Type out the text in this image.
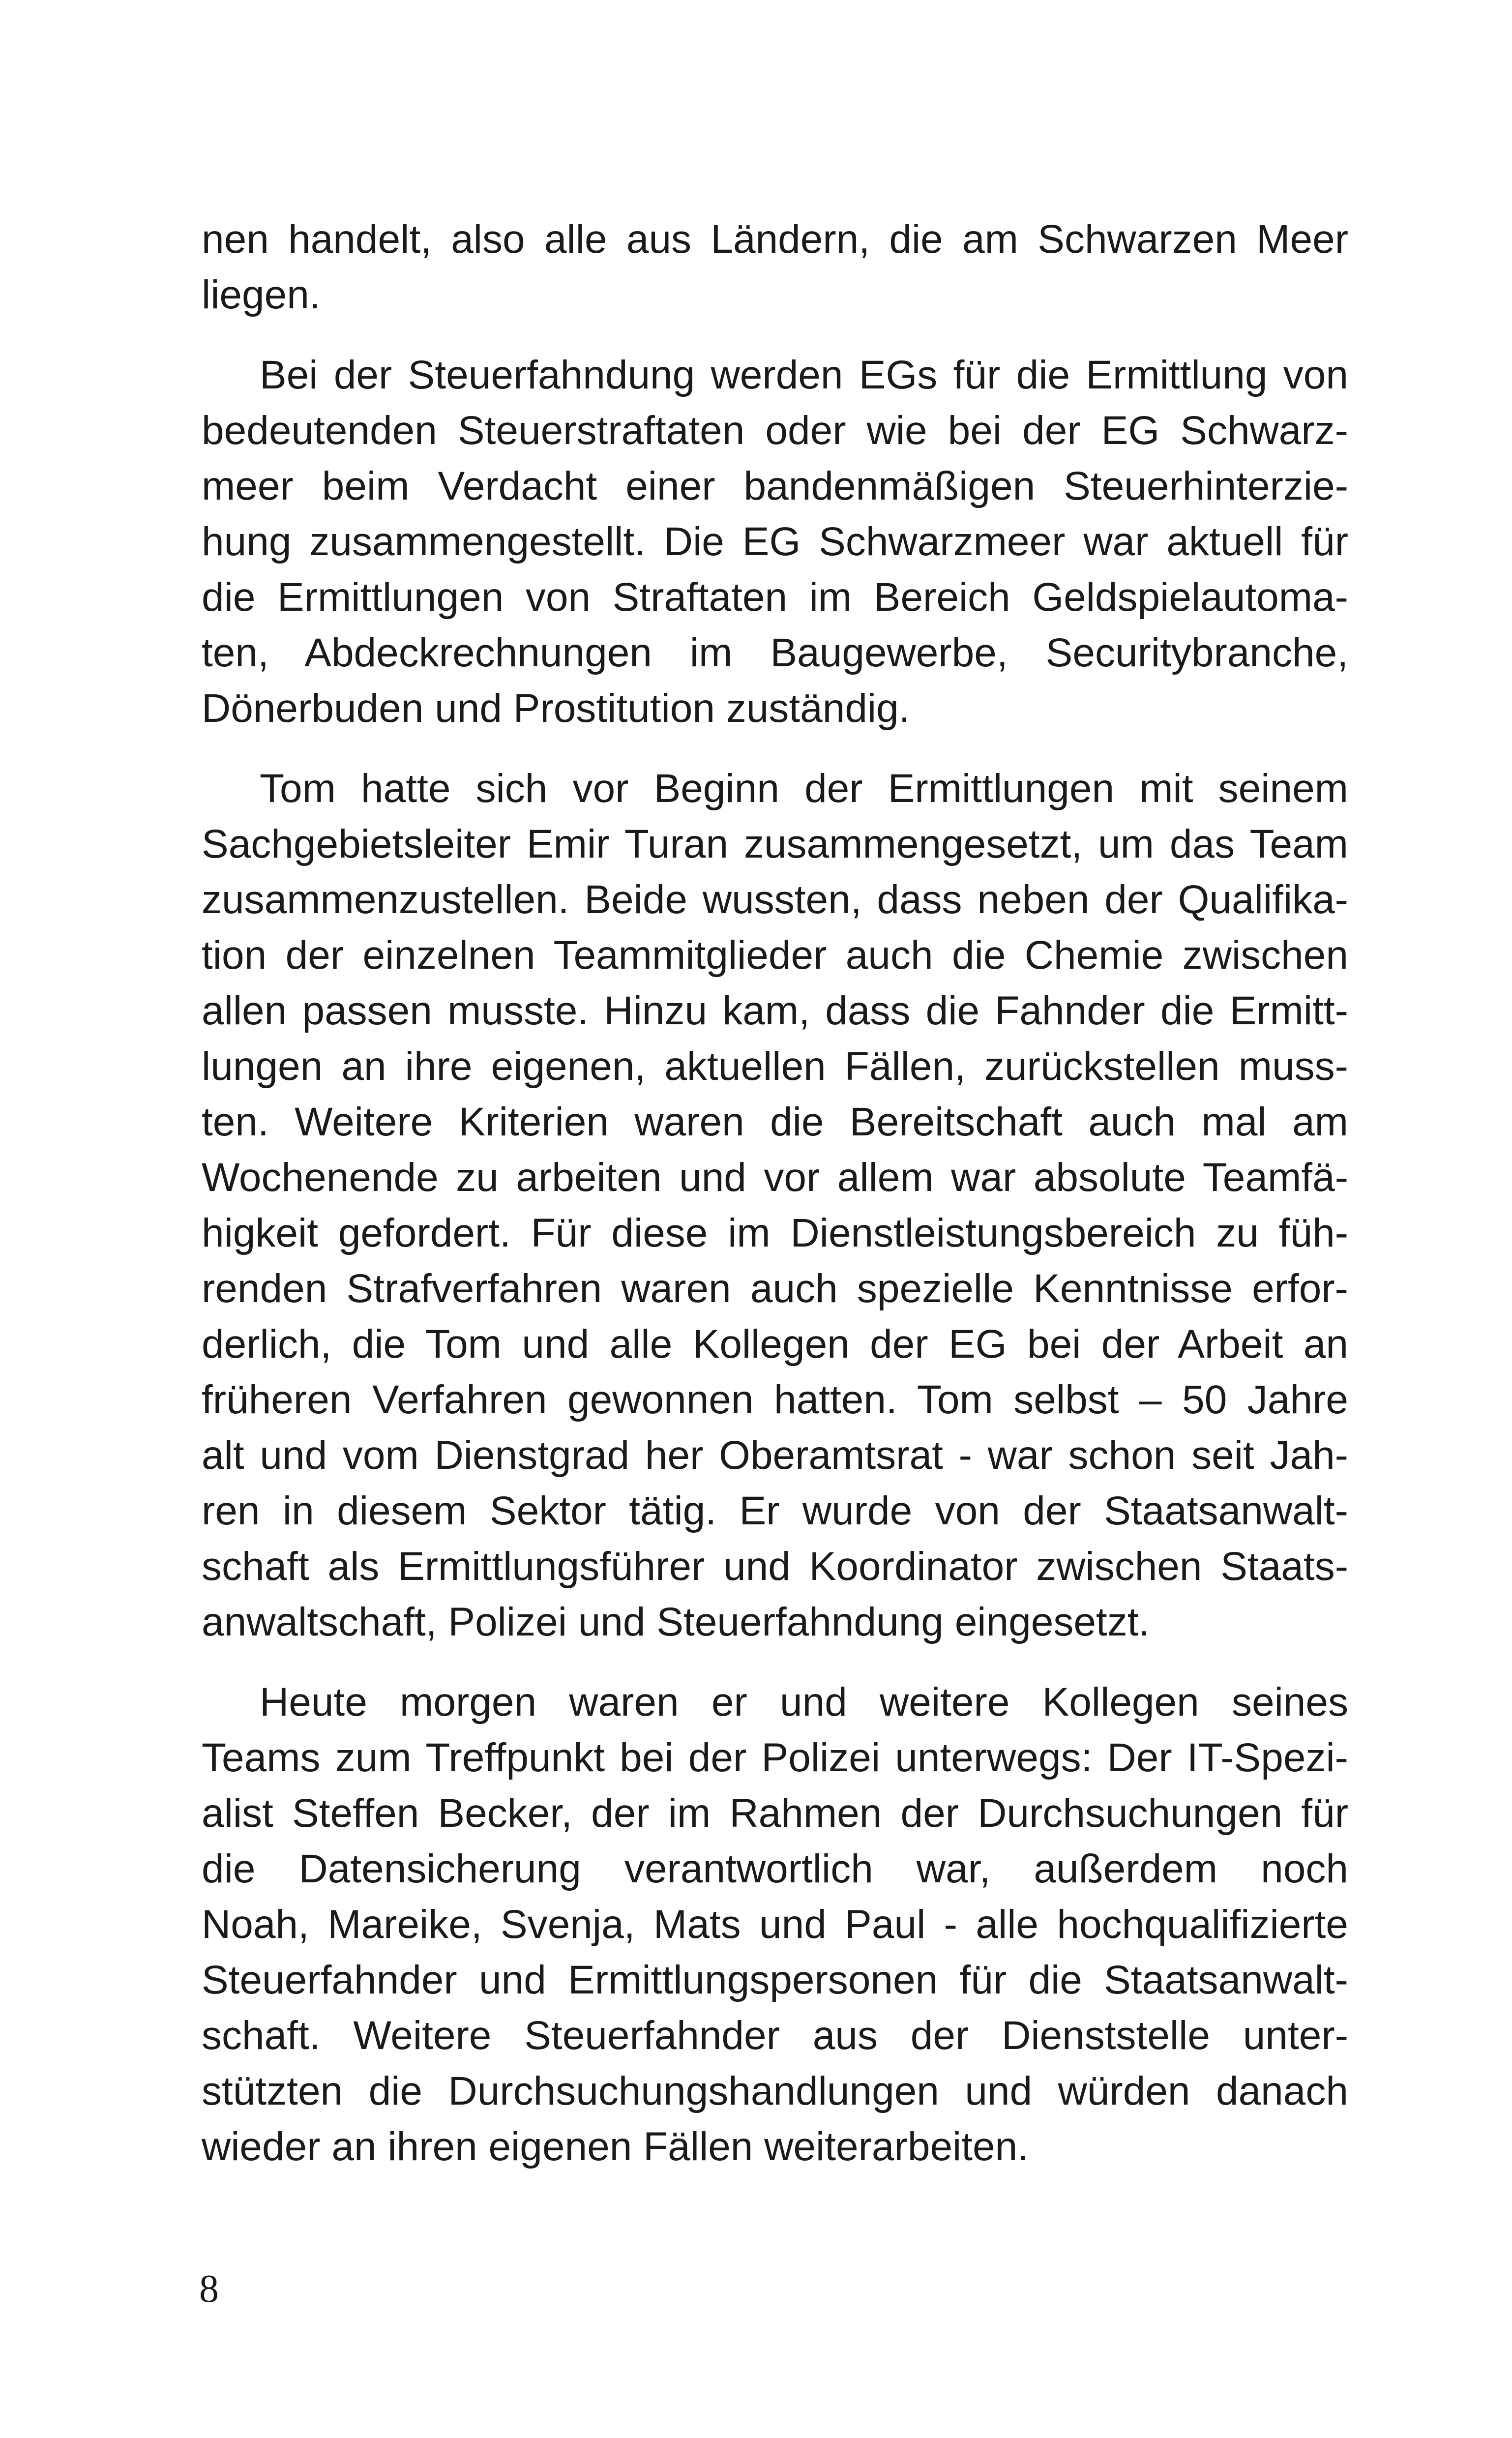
nen handelt, also alle aus Ländern, die am Schwarzen Meer
liegen.
Bei der Steuerfahndung werden EGs für die Ermittlung von
bedeutenden Steuerstraftaten oder wie bei der EG Schwarz-
meer beim Verdacht einer bandenmäßigen Steuerhinterzie-
hung zusammengestellt. Die EG Schwarzmeer war aktuell für
die Ermittlungen von Straftaten im Bereich Geldspielautoma-
ten, Abdeckrechnungen im Baugewerbe, Securitybranche,
Dönerbuden und Prostitution zuständig.
Tom hatte sich vor Beginn der Ermittlungen mit seinem
Sachgebietsleiter Emir Turan zusammengesetzt, um das Team
zusammenzustellen. Beide wussten, dass neben der Qualifika-
tion der einzelnen Teammitglieder auch die Chemie zwischen
allen passen musste. Hinzu kam, dass die Fahnder die Ermitt-
lungen an ihre eigenen, aktuellen Fällen, zurückstellen muss-
ten. Weitere Kriterien waren die Bereitschaft auch mal am
Wochenende zu arbeiten und vor allem war absolute Teamfä-
higkeit gefordert. Für diese im Dienstleistungsbereich zu füh-
renden Strafverfahren waren auch spezielle Kenntnisse erfor-
derlich, die Tom und alle Kollegen der EG bei der Arbeit an
früheren Verfahren gewonnen hatten. Tom selbst – 50 Jahre
alt und vom Dienstgrad her Oberamtsrat - war schon seit Jah-
ren in diesem Sektor tätig. Er wurde von der Staatsanwalt-
schaft als Ermittlungsführer und Koordinator zwischen Staats-
anwaltschaft, Polizei und Steuerfahndung eingesetzt.
Heute morgen waren er und weitere Kollegen seines
Teams zum Treffpunkt bei der Polizei unterwegs: Der IT-Spezi-
alist Steffen Becker, der im Rahmen der Durchsuchungen für
die Datensicherung verantwortlich war, außerdem noch
Noah, Mareike, Svenja, Mats und Paul - alle hochqualifizierte
Steuerfahnder und Ermittlungspersonen für die Staatsanwalt-
schaft. Weitere Steuerfahnder aus der Dienststelle unter-
stützten die Durchsuchungshandlungen und würden danach
wieder an ihren eigenen Fällen weiterarbeiten.
8
